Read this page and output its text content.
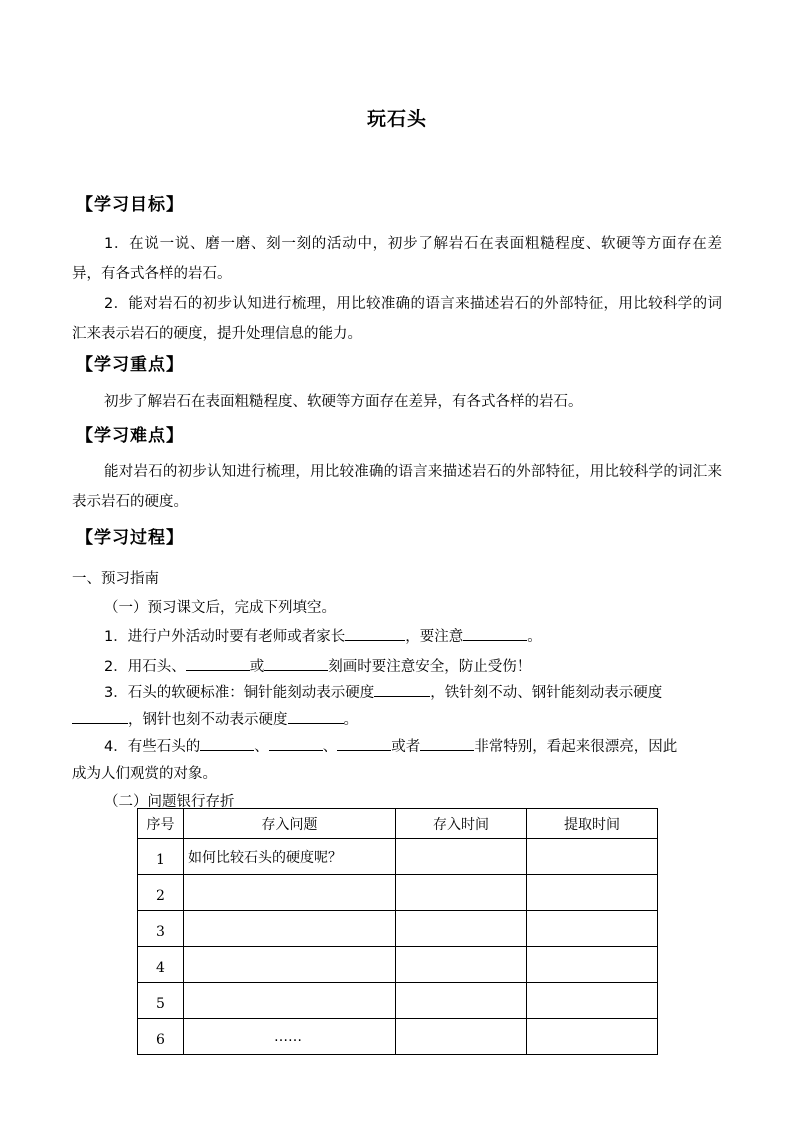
玩石头
【学习目标】
1．在说一说、磨一磨、刻一刻的活动中，初步了解岩石在表面粗糙程度、软硬等方面存在差异，有各式各样的岩石。
2．能对岩石的初步认知进行梳理，用比较准确的语言来描述岩石的外部特征，用比较科学的词汇来表示岩石的硬度，提升处理信息的能力。
【学习重点】
初步了解岩石在表面粗糙程度、软硬等方面存在差异，有各式各样的岩石。
【学习难点】
能对岩石的初步认知进行梳理，用比较准确的语言来描述岩石的外部特征，用比较科学的词汇来表示岩石的硬度。
【学习过程】
一、预习指南
（一）预习课文后，完成下列填空。
1．进行户外活动时要有老师或者家长	，要注意	。
2．用石头、	或	刻画时要注意安全，防止受伤！
3．石头的软硬标准：铜针能刻动表示硬度	，铁针刻不动、钢针能刻动表示硬度
，钢针也刻不动表示硬度	。
4．有些石头的	、	、	或者	非常特别，看起来很漂亮，因此
成为人们观赏的对象。
（二）问题银行存折
序号	存入问题	存入时间	提取时间
1	如何比较石头的硬度呢？		
2			
3			
4			
5			
6	……		
